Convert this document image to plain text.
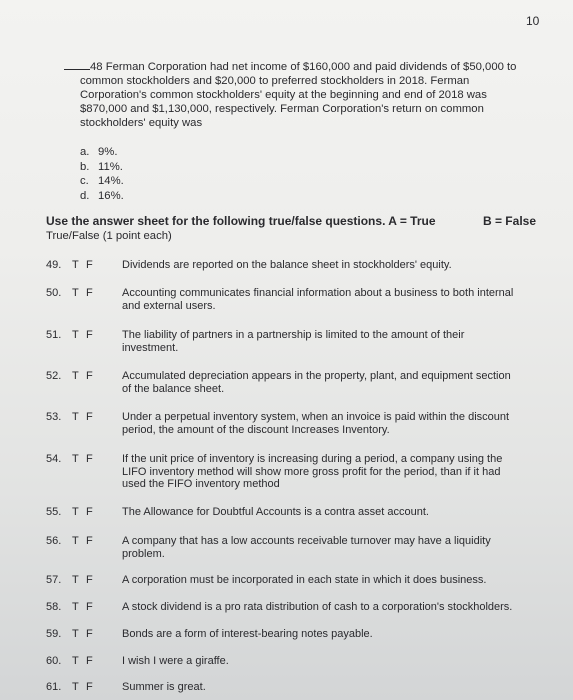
10
48 Ferman Corporation had net income of $160,000 and paid dividends of $50,000 to
common stockholders and $20,000 to preferred stockholders in 2018. Ferman
Corporation's common stockholders' equity at the beginning and end of 2018 was
$870,000 and $1,130,000, respectively. Ferman Corporation's return on common
stockholders' equity was
a. 9%.
b. 11%.
c. 14%.
d. 16%.
Use the answer sheet for the following true/false questions. A = True	B = False
True/False (1 point each)
49. T F	Dividends are reported on the balance sheet in stockholders' equity.
50. T F	Accounting communicates financial information about a business to both internal
and external users.
51. T F	The liability of partners in a partnership is limited to the amount of their
investment.
52. T F	Accumulated depreciation appears in the property, plant, and equipment section
of the balance sheet.
53. T F	Under a perpetual inventory system, when an invoice is paid within the discount
period, the amount of the discount Increases Inventory.
54. T F	If the unit price of inventory is increasing during a period, a company using the
LIFO inventory method will show more gross profit for the period, than if it had
used the FIFO inventory method
55. T F	The Allowance for Doubtful Accounts is a contra asset account.
56. T F	A company that has a low accounts receivable turnover may have a liquidity
problem.
57. T F	A corporation must be incorporated in each state in which it does business.
58. T F	A stock dividend is a pro rata distribution of cash to a corporation's stockholders.
59. T F	Bonds are a form of interest-bearing notes payable.
60. T F	I wish I were a giraffe.
61. T F	Summer is great.
